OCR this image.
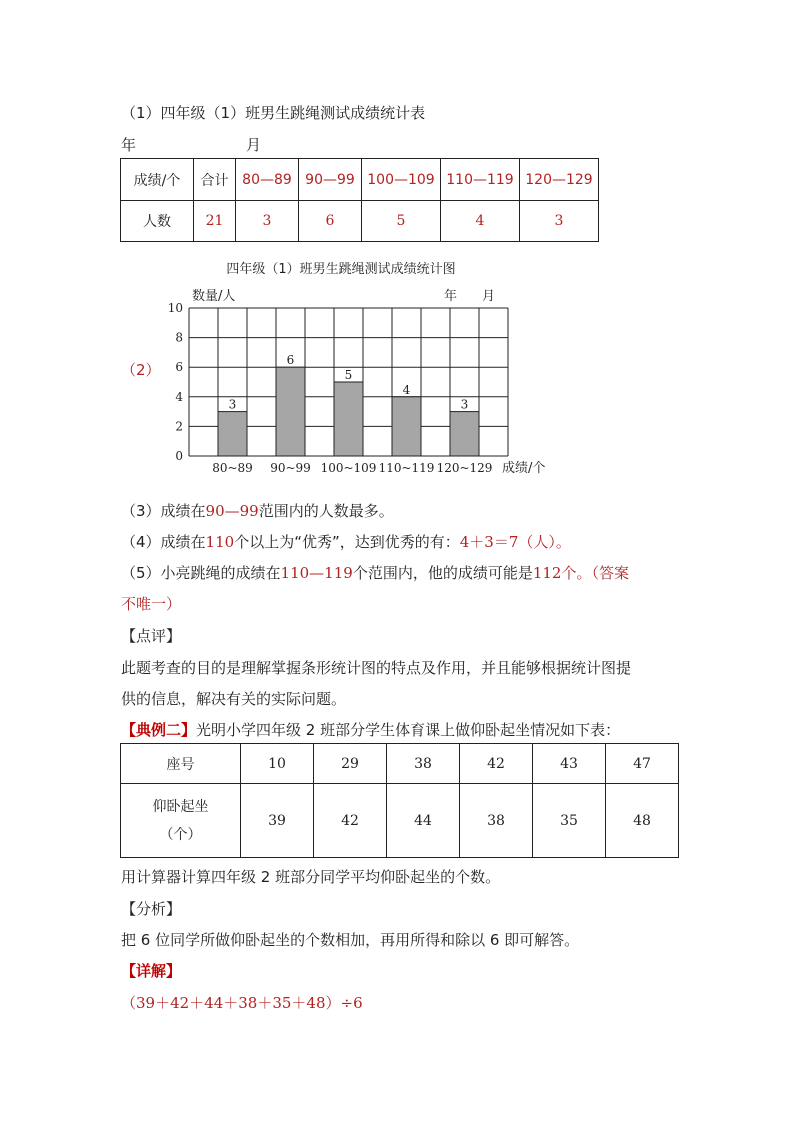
（1）四年级（1）班男生跳绳测试成绩统计表
年	月
成绩/个	合计	80—89	90—99	100—109	110—119	120—129
人数	21	3	6	5	4	3
（2）
四年级（1）班男生跳绳测试成绩统计图
数量/人	年 月
0
2
4
6
8
10
3
80~89
6
90~99
5
100~109
4
110~119
3
120~129 成绩/个
（3）成绩在90—99范围内的人数最多。
（4）成绩在110个以上为“优秀”，达到优秀的有：4＋3＝7（人）。
（5）小亮跳绳的成绩在110—119个范围内，他的成绩可能是112个。（答案
不唯一）
【点评】
此题考查的目的是理解掌握条形统计图的特点及作用，并且能够根据统计图提
供的信息，解决有关的实际问题。
【典例二】光明小学四年级 2 班部分学生体育课上做仰卧起坐情况如下表：
座号	10	29	38	42	43	47
仰卧起坐
（个）	39	42	44	38	35	48
用计算器计算四年级 2 班部分同学平均仰卧起坐的个数。
【分析】
把 6 位同学所做仰卧起坐的个数相加，再用所得和除以 6 即可解答。
【详解】
（39＋42＋44＋38＋35＋48）÷6
